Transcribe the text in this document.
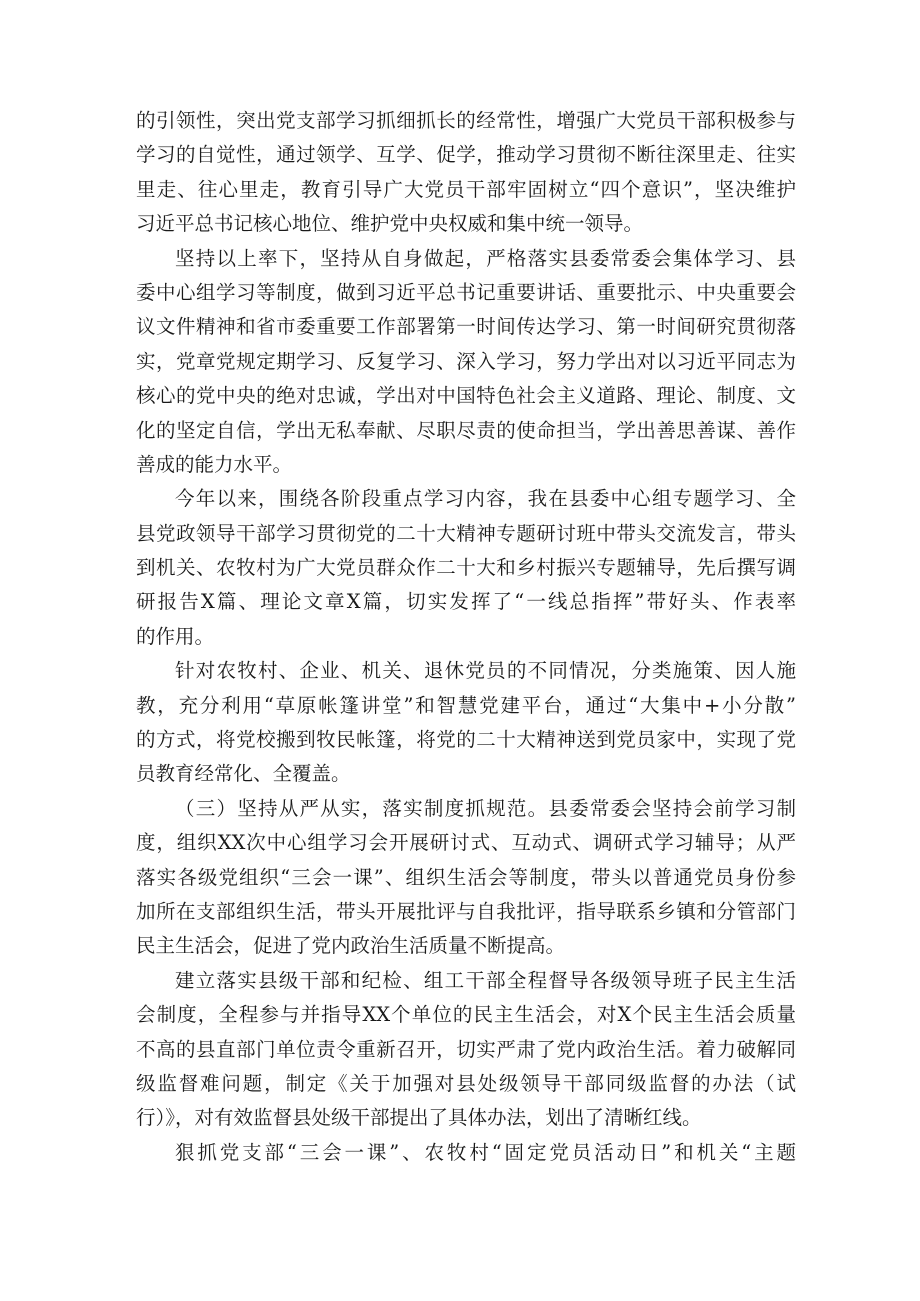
的引领性，突出党支部学习抓细抓长的经常性，增强广大党员干部积极参与
学习的自觉性，通过领学、互学、促学，推动学习贯彻不断往深里走、往实
里走、往心里走，教育引导广大党员干部牢固树立“四个意识”，坚决维护
习近平总书记核心地位、维护党中央权威和集中统一领导。
坚持以上率下，坚持从自身做起，严格落实县委常委会集体学习、县
委中心组学习等制度，做到习近平总书记重要讲话、重要批示、中央重要会
议文件精神和省市委重要工作部署第一时间传达学习、第一时间研究贯彻落
实，党章党规定期学习、反复学习、深入学习，努力学出对以习近平同志为
核心的党中央的绝对忠诚，学出对中国特色社会主义道路、理论、制度、文
化的坚定自信，学出无私奉献、尽职尽责的使命担当，学出善思善谋、善作
善成的能力水平。
今年以来，围绕各阶段重点学习内容，我在县委中心组专题学习、全
县党政领导干部学习贯彻党的二十大精神专题研讨班中带头交流发言，带头
到机关、农牧村为广大党员群众作二十大和乡村振兴专题辅导，先后撰写调
研报告X篇、理论文章X篇，切实发挥了“一线总指挥”带好头、作表率
的作用。
针对农牧村、企业、机关、退休党员的不同情况，分类施策、因人施
教，充分利用“草原帐篷讲堂”和智慧党建平台，通过“大集中+小分散”
的方式，将党校搬到牧民帐篷，将党的二十大精神送到党员家中，实现了党
员教育经常化、全覆盖。
（三）坚持从严从实，落实制度抓规范。县委常委会坚持会前学习制
度，组织XX次中心组学习会开展研讨式、互动式、调研式学习辅导；从严
落实各级党组织“三会一课”、组织生活会等制度，带头以普通党员身份参
加所在支部组织生活，带头开展批评与自我批评，指导联系乡镇和分管部门
民主生活会，促进了党内政治生活质量不断提高。
建立落实县级干部和纪检、组工干部全程督导各级领导班子民主生活
会制度，全程参与并指导XX个单位的民主生活会，对X个民主生活会质量
不高的县直部门单位责令重新召开，切实严肃了党内政治生活。着力破解同
级监督难问题，制定《关于加强对县处级领导干部同级监督的办法（试
行）》，对有效监督县处级干部提出了具体办法，划出了清晰红线。
狠抓党支部“三会一课”、农牧村“固定党员活动日”和机关“主题
